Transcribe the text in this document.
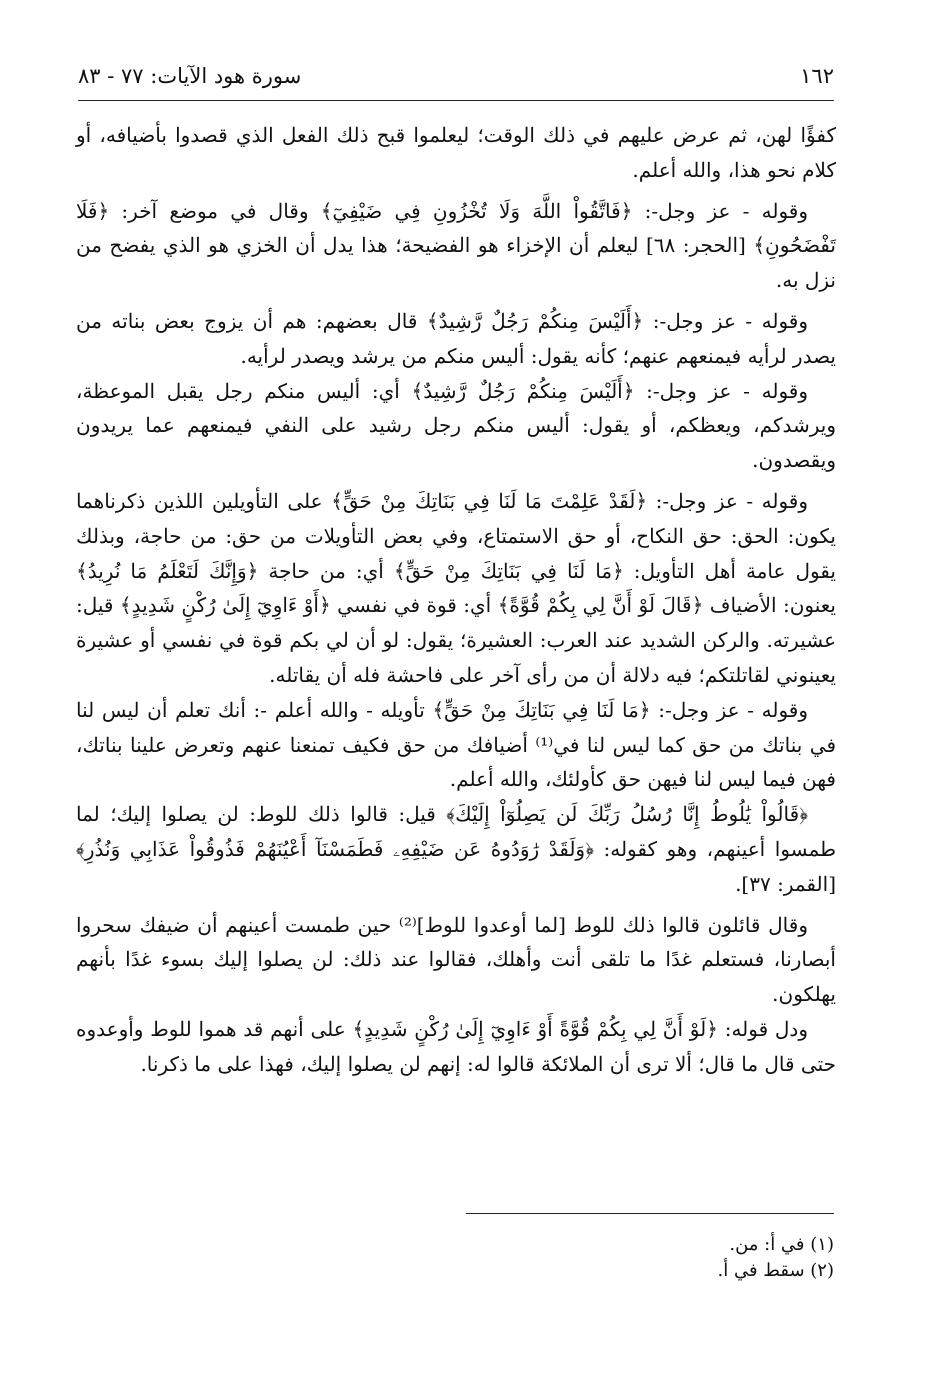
١٦٢
سورة هود الآيات: ٧٧ - ٨٣

كفؤًا لهن، ثم عرض عليهم في ذلك الوقت؛ ليعلموا قبح ذلك الفعل الذي قصدوا بأضيافه، أو كلام نحو هذا، والله أعلم.

وقوله - عز وجل-: ﴿فَاتَّقُواْ اللَّهَ وَلَا تُخْزُونِ فِي ضَيْفِيٓ﴾ وقال في موضع آخر: ﴿فَلَا تَفْضَحُونِ﴾ [الحجر: ٦٨] ليعلم أن الإخزاء هو الفضيحة؛ هذا يدل أن الخزي هو الذي يفضح من نزل به.

وقوله - عز وجل-: ﴿أَلَيْسَ مِنكُمْ رَجُلٌ رَّشِيدٌ﴾ قال بعضهم: هم أن يزوج بعض بناته من يصدر لرأيه فيمنعهم عنهم؛ كأنه يقول: أليس منكم من يرشد ويصدر لرأيه.

وقوله - عز وجل-: ﴿أَلَيْسَ مِنكُمْ رَجُلٌ رَّشِيدٌ﴾ أي: أليس منكم رجل يقبل الموعظة، ويرشدكم، ويعظكم، أو يقول: أليس منكم رجل رشيد على النفي فيمنعهم عما يريدون ويقصدون.

وقوله - عز وجل-: ﴿لَقَدْ عَلِمْتَ مَا لَنَا فِي بَنَاتِكَ مِنْ حَقٍّ﴾ على التأويلين اللذين ذكرناهما يكون: الحق: حق النكاح، أو حق الاستمتاع، وفي بعض التأويلات من حق: من حاجة، وبذلك يقول عامة أهل التأويل: ﴿مَا لَنَا فِي بَنَاتِكَ مِنْ حَقٍّ﴾ أي: من حاجة ﴿وَإِنَّكَ لَتَعْلَمُ مَا نُرِيدُ﴾ يعنون: الأضياف ﴿قَالَ لَوْ أَنَّ لِي بِكُمْ قُوَّةً﴾ أي: قوة في نفسي ﴿أَوْ ءَاوِيٓ إِلَىٰ رُكْنٍ شَدِيدٍ﴾ قيل: عشيرته. والركن الشديد عند العرب: العشيرة؛ يقول: لو أن لي بكم قوة في نفسي أو عشيرة يعينوني لقاتلتكم؛ فيه دلالة أن من رأى آخر على فاحشة فله أن يقاتله.

وقوله - عز وجل-: ﴿مَا لَنَا فِي بَنَاتِكَ مِنْ حَقٍّ﴾ تأويله - والله أعلم -: أنك تعلم أن ليس لنا في بناتك من حق كما ليس لنا في⁽¹⁾ أضيافك من حق فكيف تمنعنا عنهم وتعرض علينا بناتك، فهن فيما ليس لنا فيهن حق كأولئك، والله أعلم.

﴿قَالُواْ يَٰلُوطُ إِنَّا رُسُلُ رَبِّكَ لَن يَصِلُوٓاْ إِلَيْكَ﴾ قيل: قالوا ذلك للوط: لن يصلوا إليك؛ لما طمسوا أعينهم، وهو كقوله: ﴿وَلَقَدْ رَٰوَدُوهُ عَن ضَيْفِهِۦ فَطَمَسْنَآ أَعْيُنَهُمْ فَذُوقُواْ عَذَابِي وَنُذُرِ﴾ [القمر: ٣٧].

وقال قائلون قالوا ذلك للوط [لما أوعدوا للوط]⁽²⁾ حين طمست أعينهم أن ضيفك سحروا أبصارنا، فستعلم غدًا ما تلقى أنت وأهلك، فقالوا عند ذلك: لن يصلوا إليك بسوء غدًا بأنهم يهلكون.

ودل قوله: ﴿لَوْ أَنَّ لِي بِكُمْ قُوَّةً أَوْ ءَاوِيٓ إِلَىٰ رُكْنٍ شَدِيدٍ﴾ على أنهم قد هموا للوط وأوعدوه حتى قال ما قال؛ ألا ترى أن الملائكة قالوا له: إنهم لن يصلوا إليك، فهذا على ما ذكرنا.

(١) في أ: من.
(٢) سقط في أ.
